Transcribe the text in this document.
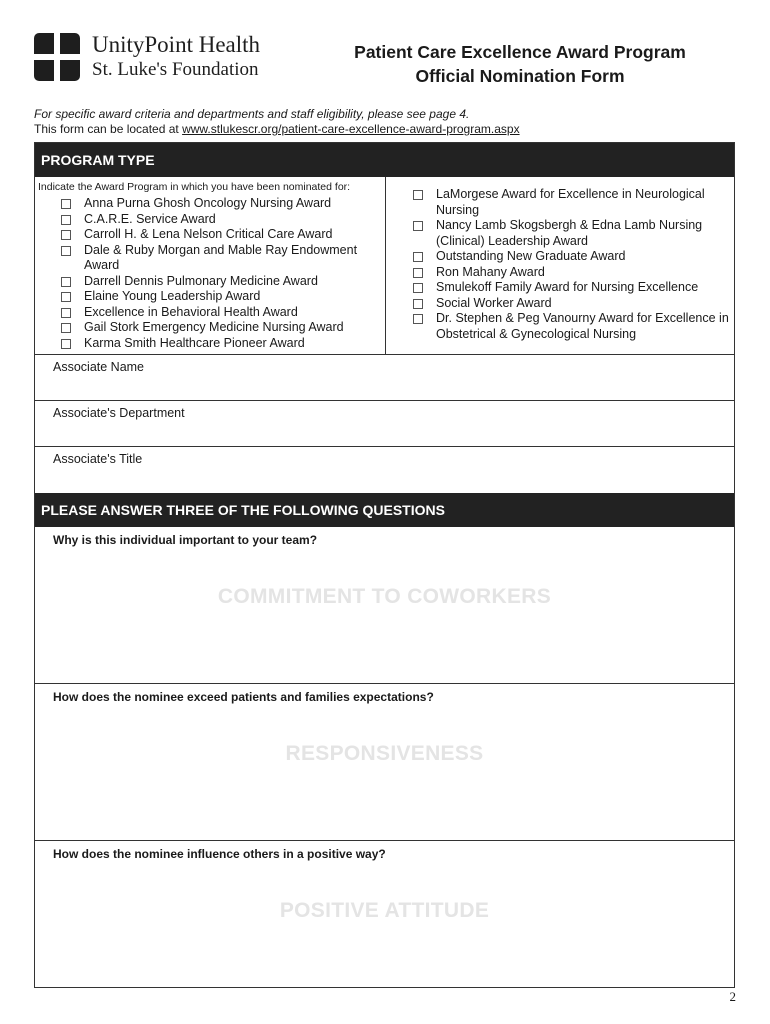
UnityPoint Health
St. Luke's Foundation
Patient Care Excellence Award Program
Official Nomination Form
For specific award criteria and departments and staff eligibility, please see page 4.
This form can be located at www.stlukescr.org/patient-care-excellence-award-program.aspx
PROGRAM TYPE
Indicate the Award Program in which you have been nominated for:
Anna Purna Ghosh Oncology Nursing Award
C.A.R.E. Service Award
Carroll H. & Lena Nelson Critical Care Award
Dale & Ruby Morgan and Mable Ray Endowment Award
Darrell Dennis Pulmonary Medicine Award
Elaine Young Leadership Award
Excellence in Behavioral Health Award
Gail Stork Emergency Medicine Nursing Award
Karma Smith Healthcare Pioneer Award
LaMorgese Award for Excellence in Neurological Nursing
Nancy Lamb Skogsbergh & Edna Lamb Nursing (Clinical) Leadership Award
Outstanding New Graduate Award
Ron Mahany Award
Smulekoff Family Award for Nursing Excellence
Social Worker Award
Dr. Stephen & Peg Vanourny Award for Excellence in Obstetrical & Gynecological Nursing
Associate Name
Associate's Department
Associate's Title
PLEASE ANSWER THREE OF THE FOLLOWING QUESTIONS
Why is this individual important to your team?
COMMITMENT TO COWORKERS
How does the nominee exceed patients and families expectations?
RESPONSIVENESS
How does the nominee influence others in a positive way?
POSITIVE ATTITUDE
2
